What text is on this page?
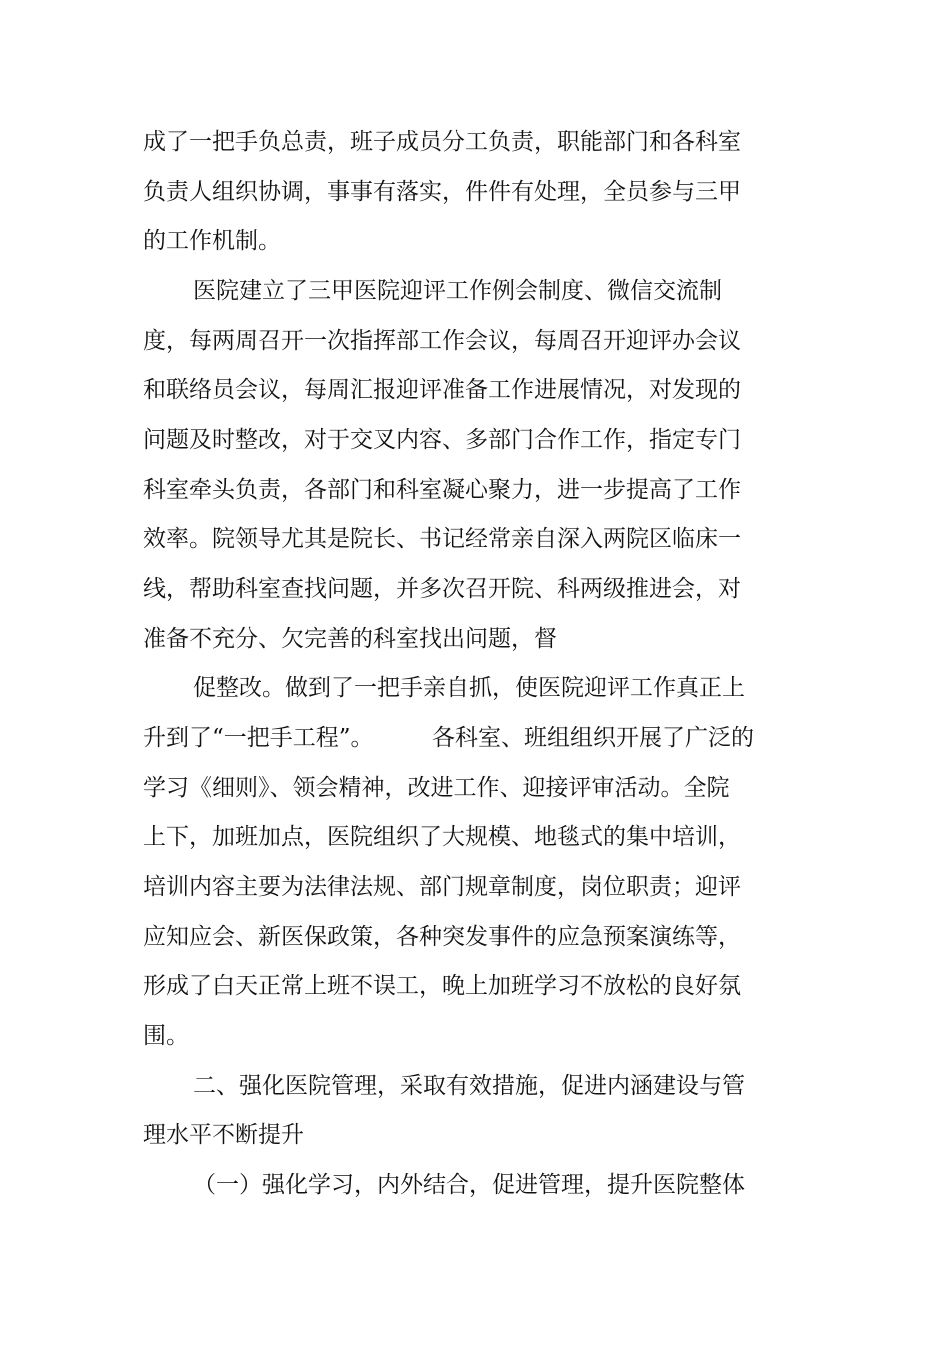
成了一把手负总责，班子成员分工负责，职能部门和各科室
负责人组织协调，事事有落实，件件有处理，全员参与三甲
的工作机制。
医院建立了三甲医院迎评工作例会制度、微信交流制
度，每两周召开一次指挥部工作会议，每周召开迎评办会议
和联络员会议，每周汇报迎评准备工作进展情况，对发现的
问题及时整改，对于交叉内容、多部门合作工作，指定专门
科室牵头负责，各部门和科室凝心聚力，进一步提高了工作
效率。院领导尤其是院长、书记经常亲自深入两院区临床一
线，帮助科室查找问题，并多次召开院、科两级推进会，对
准备不充分、欠完善的科室找出问题，督
促整改。做到了一把手亲自抓，使医院迎评工作真正上
升到了“一把手工程”。        各科室、班组组织开展了广泛的
学习《细则》、领会精神，改进工作、迎接评审活动。全院
上下，加班加点，医院组织了大规模、地毯式的集中培训，
培训内容主要为法律法规、部门规章制度，岗位职责；迎评
应知应会、新医保政策，各种突发事件的应急预案演练等，
形成了白天正常上班不误工，晚上加班学习不放松的良好氛
围。
二、强化医院管理，采取有效措施，促进内涵建设与管
理水平不断提升
（一）强化学习，内外结合，促进管理，提升医院整体
